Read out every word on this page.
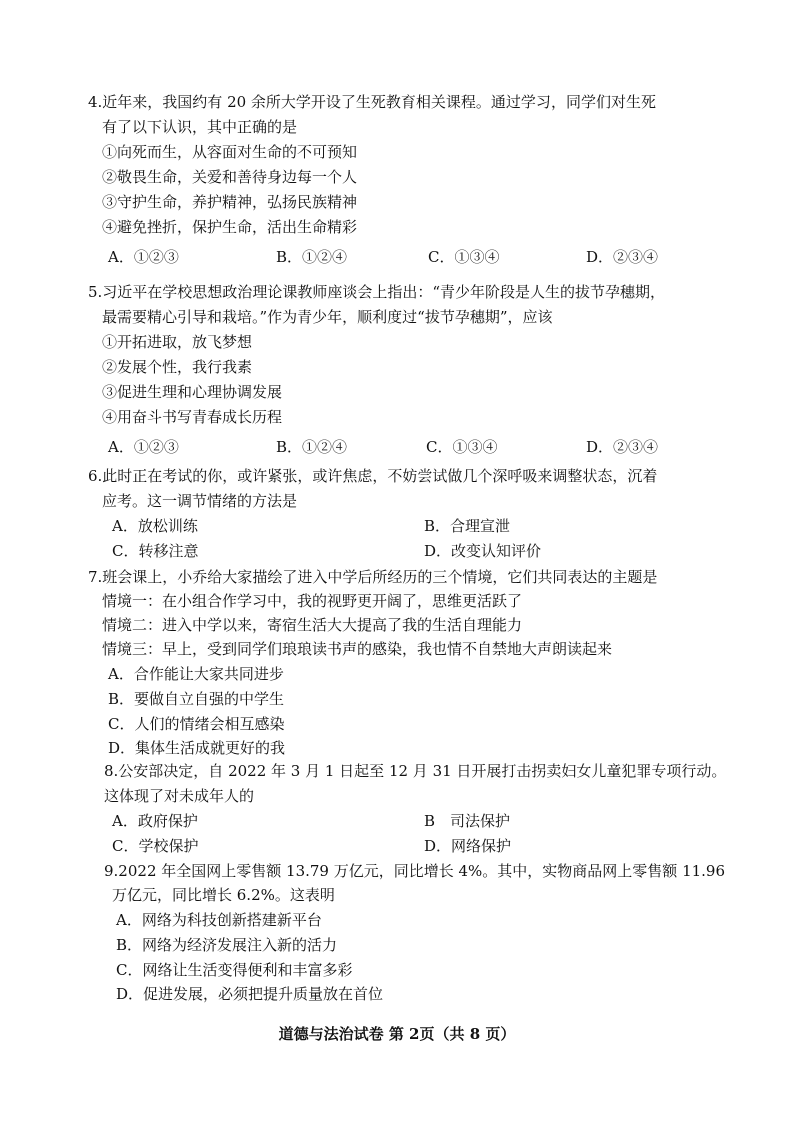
4.近年来，我国约有 20 余所大学开设了生死教育相关课程。通过学习，同学们对生死
有了以下认识，其中正确的是
①向死而生，从容面对生命的不可预知
②敬畏生命，关爱和善待身边每一个人
③守护生命，养护精神，弘扬民族精神
④避免挫折，保护生命，活出生命精彩
A．①②③	B．①②④	C．①③④	D．②③④
5.习近平在学校思想政治理论课教师座谈会上指出：“青少年阶段是人生的拔节孕穗期，
最需要精心引导和栽培。”作为青少年，顺利度过“拔节孕穗期”，应该
①开拓进取，放飞梦想
②发展个性，我行我素
③促进生理和心理协调发展
④用奋斗书写青春成长历程
A．①②③	B．①②④	C．①③④	D．②③④
6.此时正在考试的你，或许紧张，或许焦虑，不妨尝试做几个深呼吸来调整状态，沉着
应考。这一调节情绪的方法是
A．放松训练	B．合理宣泄
C．转移注意	D．改变认知评价
7.班会课上，小乔给大家描绘了进入中学后所经历的三个情境，它们共同表达的主题是
情境一：在小组合作学习中，我的视野更开阔了，思维更活跃了
情境二：进入中学以来，寄宿生活大大提高了我的生活自理能力
情境三：早上，受到同学们琅琅读书声的感染，我也情不自禁地大声朗读起来
A．合作能让大家共同进步
B．要做自立自强的中学生
C．人们的情绪会相互感染
D．集体生活成就更好的我
8.公安部决定，自 2022 年 3 月 1 日起至 12 月 31 日开展打击拐卖妇女儿童犯罪专项行动。
这体现了对未成年人的
A．政府保护	B　司法保护
C．学校保护	D．网络保护
9.2022 年全国网上零售额 13.79 万亿元，同比增长 4%。其中，实物商品网上零售额 11.96
万亿元，同比增长 6.2%。这表明
A．网络为科技创新搭建新平台
B．网络为经济发展注入新的活力
C．网络让生活变得便利和丰富多彩
D．促进发展，必须把提升质量放在首位
道德与法治试卷 第 2页（共 8 页）
